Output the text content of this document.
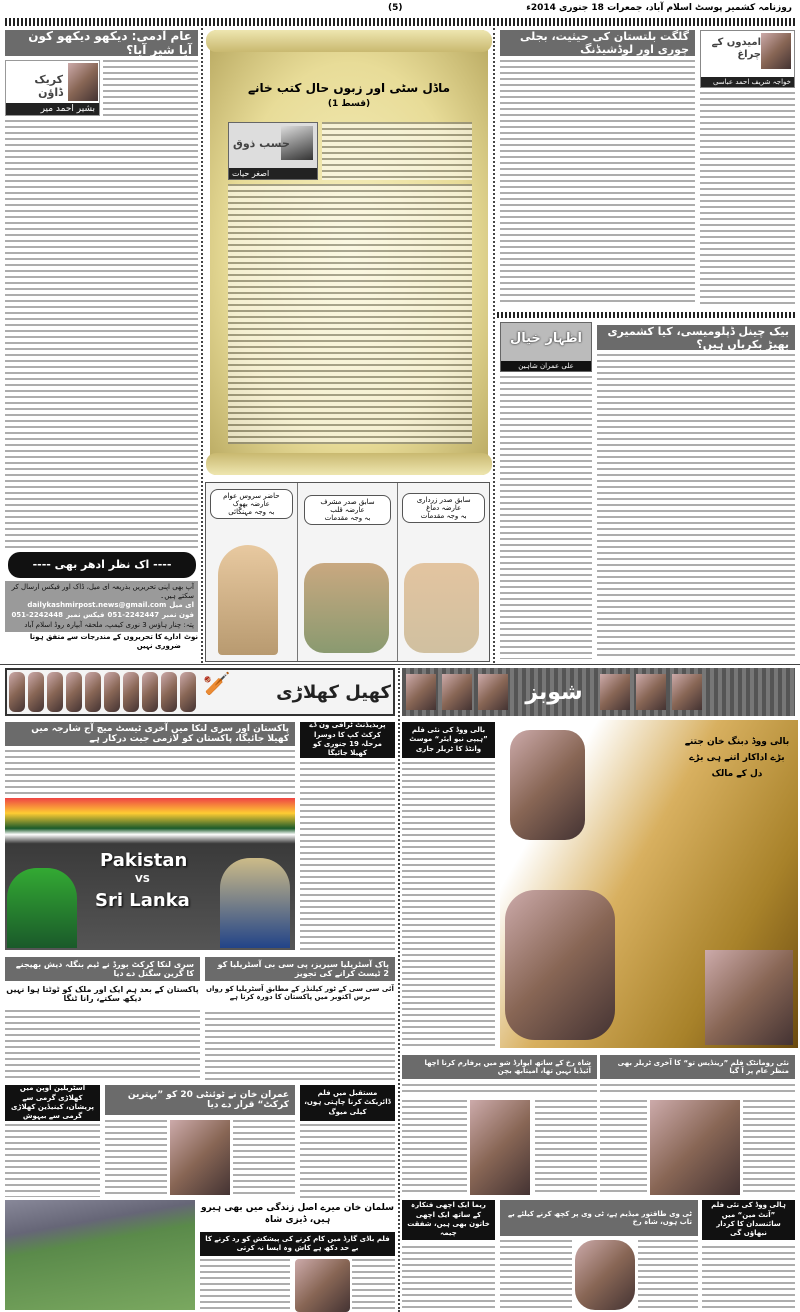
روزنامہ کشمیر پوسٹ اسلام آباد، جمعرات 18 جنوری 2014ء
(5)
عام آدمی: دیکھو دیکھو کون آیا شیر آیا؟
کریک ڈاؤن
بشیر احمد میر
---- اک نظر ادھر بھی ----
آپ بھی اپنی تحریریں بذریعہ ای میل، ڈاک اور فیکس ارسال کر سکتے ہیں۔
ای میل
dailykashmirpost.news@gmail.com
فون نمبر
051-2242447
فیکس نمبر
051-2242448
پتہ: چنار ہاؤس 3 نوری کیمپ، ملحقہ آبپارہ روڈ اسلام آباد
نوٹ
ادارے کا تحریروں کے مندرجات سے متفق ہونا ضروری نہیں
ماڈل سٹی اور زبوں حال کتب خانے
(قسط 1)
حسب ذوق
اصغر حیات
حاضر سروس عوام
عارضہ بھوک
بہ وجہ مہنگائی
سابق صدر مشرف
عارضہ قلب
بہ وجہ مقدمات
سابق صدر زرداری
عارضہ دماغ
بہ وجہ مقدمات
امیدوں کے چراغ
خواجہ شریف احمد عباسی
گلگت بلتستان کی حیثیت، بجلی چوری اور لوڈشیڈنگ
بیک چینل ڈپلومیسی، کیا کشمیری بھیڑ بکریاں ہیں؟
اظہار خیال
علی عمران شاہین
🏏	کھیل کھلاڑی
پاکستان اور سری لنکا میں آخری ٹیسٹ میچ آج شارجہ میں کھیلا جائیگا، پاکستان کو لازمی جیت درکار ہے
پریذیڈنٹ ٹرافی ون ڈے کرکٹ کپ کا دوسرا مرحلہ 19 جنوری کو کھیلا جائیگا
Pakistan
VS
Sri Lanka
پاک آسٹریلیا سیریز، پی سی بی آسٹریلیا کو 2 ٹیسٹ کرانے کی تجویز
سری لنکا کرکٹ بورڈ نے ٹیم بنگلہ دیش بھیجنے کا گرین سگنل دے دیا
آئی سی سی کے ٹور کیلنڈر کے مطابق آسٹریلیا کو رواں برس اکتوبر میں پاکستان کا دورہ کرنا ہے
پاکستان کے بعد ہم ایک اور ملک کو ٹوٹتا ہوا نہیں دیکھ سکتے، رانا ٹنگا
آسٹریلین اوپن میں کھلاڑی گرمی سے پریشان، کینیڈین کھلاڑی گرمی سے بیہوش
عمران خان نے ٹوئنٹی 20 کو ”بہترین کرکٹ“ قرار دے دیا
مستقبل میں فلم ڈائریکٹ کرنا چاہتی ہوں، کیلی میوگ
سلمان خان میرے اصل زندگی میں بھی ہیرو ہیں، ڈیزی شاہ
فلم باڈی گارڈ میں کام کرنے کی پیشکش کو رد کرنے کا بے حد دکھ ہے کاش وہ ایسا نہ کرتی
شوبز
بالی ووڈ کی نئی فلم ”ہیپی نیو ایئر“ موسٹ وانٹڈ کا ٹریلر جاری
بالی ووڈ دبنگ خان جتنے بڑے اداکار اتنے ہی بڑے دل کے مالک
شاہ رخ کے ساتھ ایوارڈ شو میں پرفارم کرنا اچھا آئیڈیا نہیں تھا، امیتابھ بچن
نئی رومانٹک فلم ”رینڈیس تو“ کا آخری ٹریلر بھی منظر عام پر آ گیا
ریما ایک اچھی فنکارہ کے ساتھ ایک اچھی خاتون بھی ہیں، شفقت چیمہ
ٹی وی طاقتور میڈیم ہے، ٹی وی پر کچھ کرنے کیلئے بے تاب ہوں، شاہ رخ
ہالی ووڈ کی نئی فلم ”آنٹ مین“ میں سائنسدان کا کردار نبھاؤں گی
